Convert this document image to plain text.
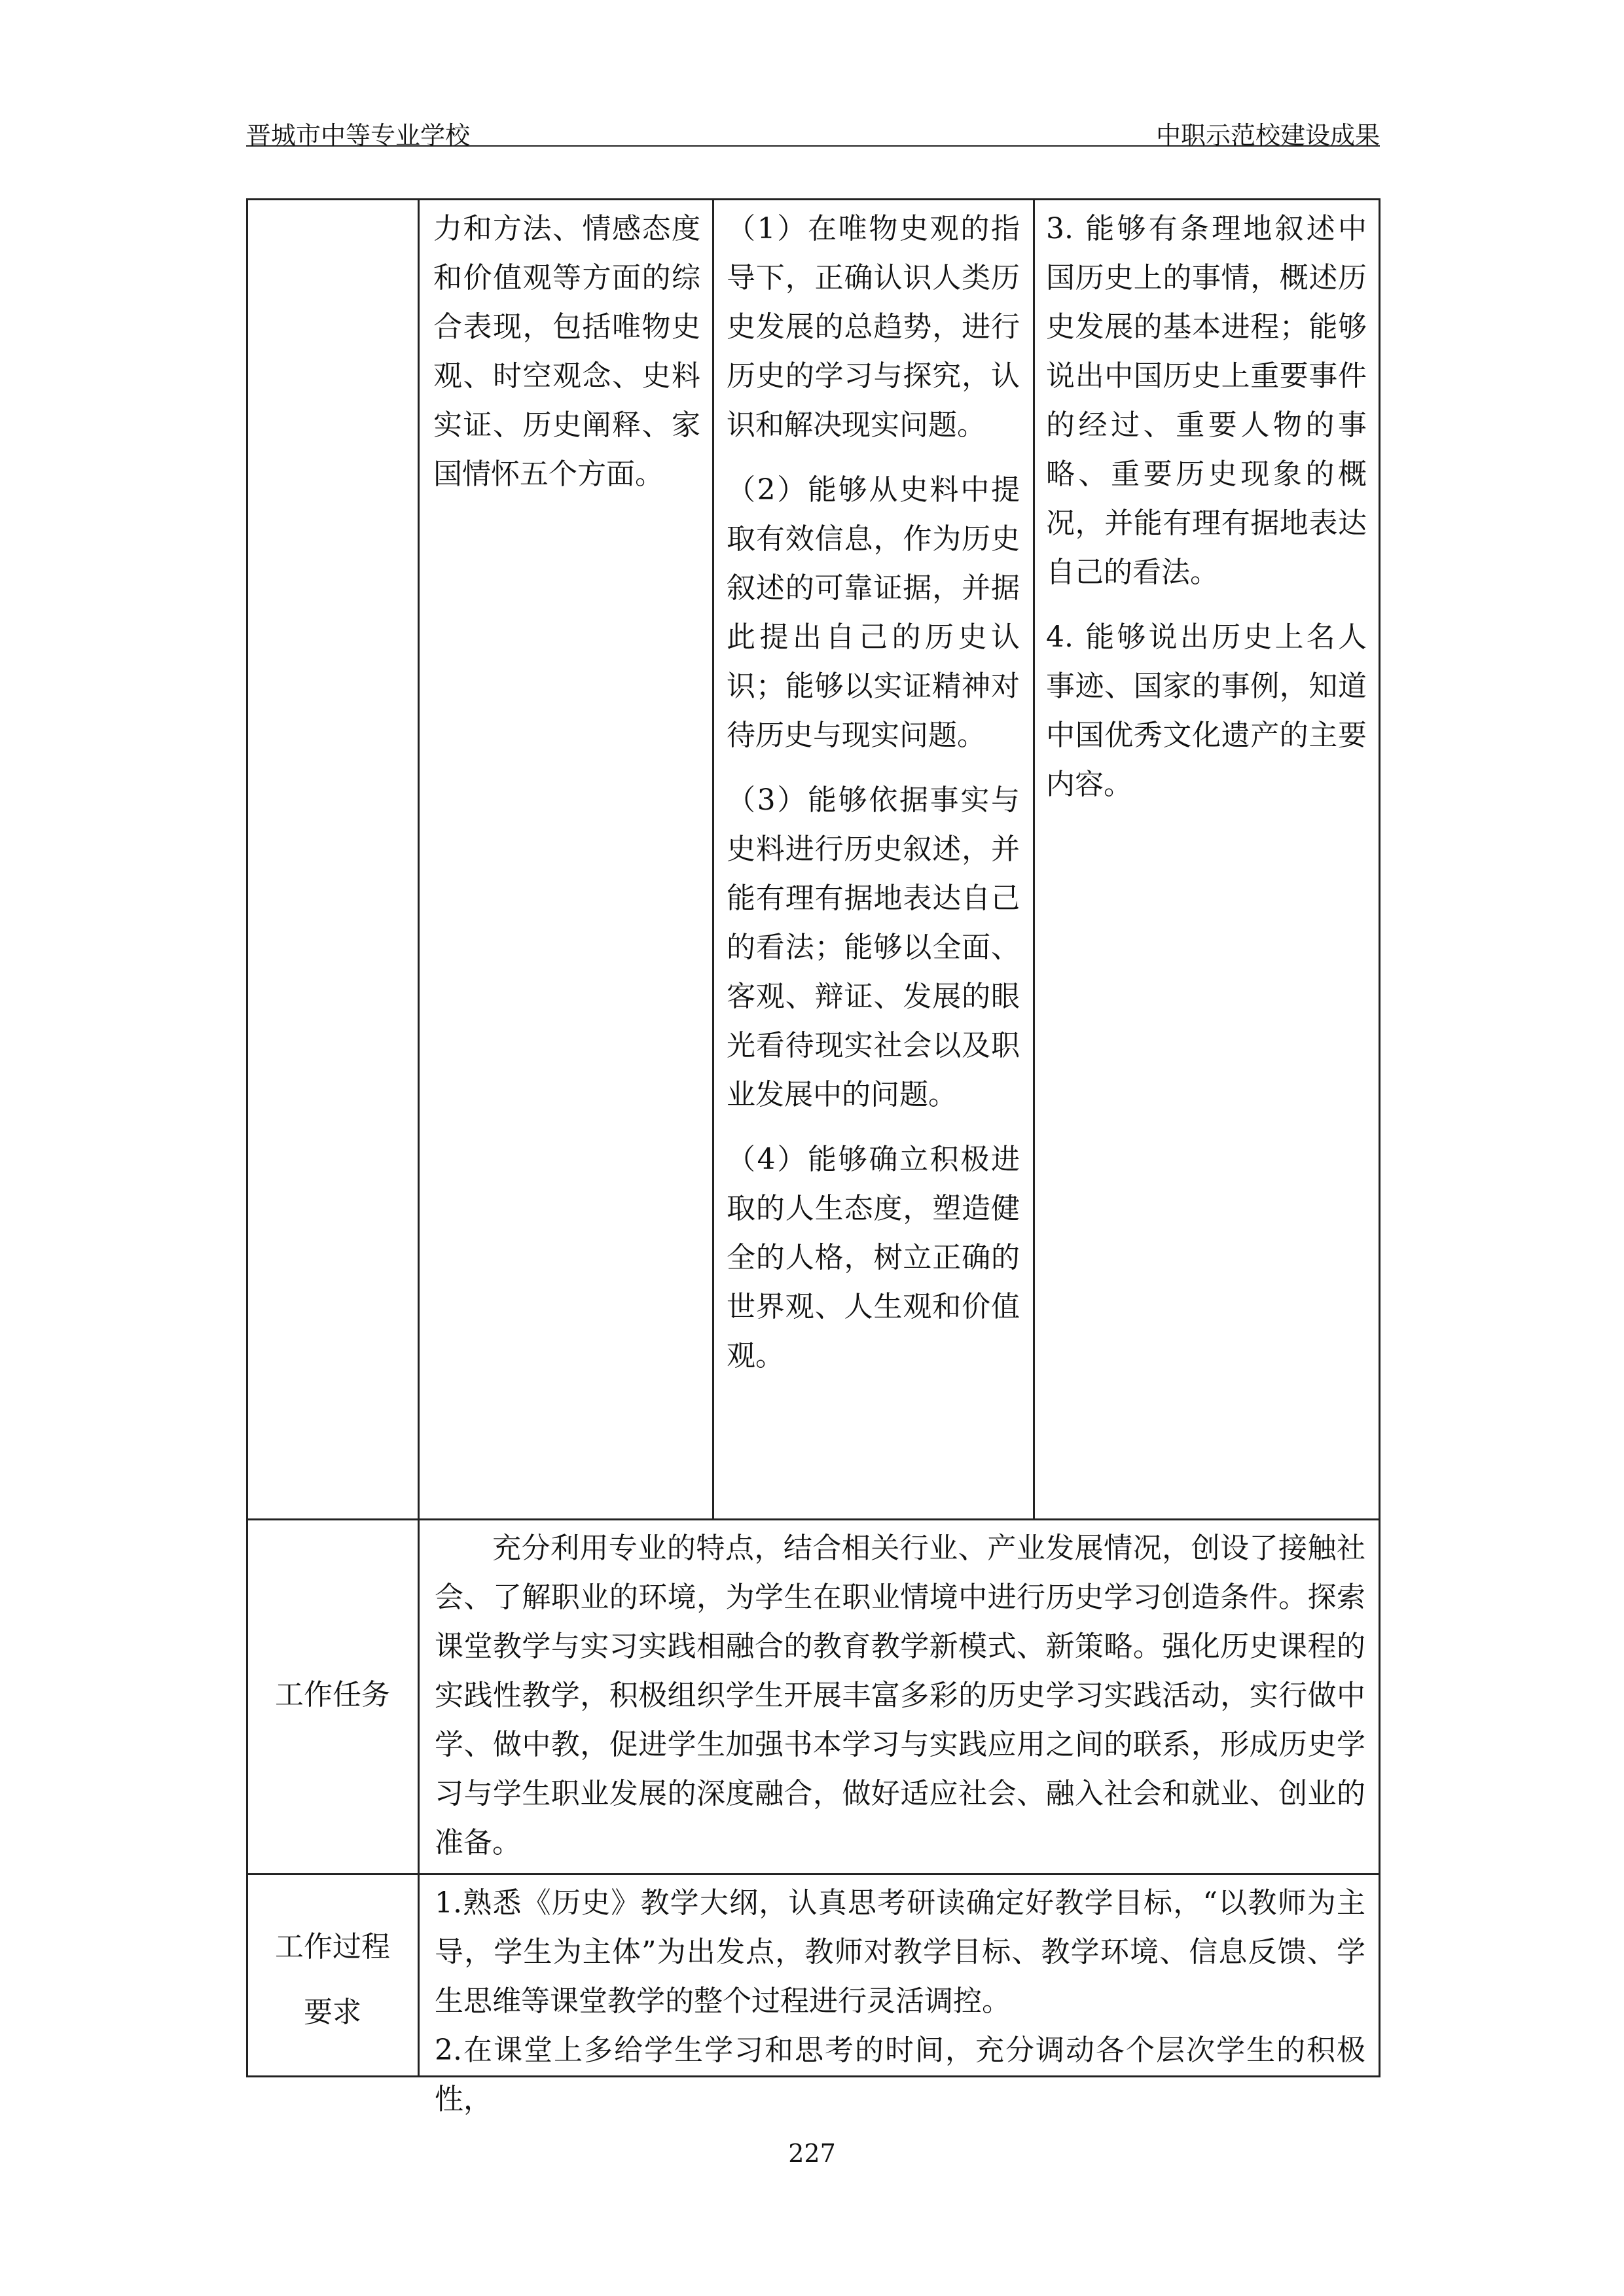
晋城市中等专业学校	中职示范校建设成果

力和方法、情感态度和价值观等方面的综合表现，包括唯物史观、时空观念、史料实证、历史阐释、家国情怀五个方面。

（1）在唯物史观的指导下，正确认识人类历史发展的总趋势，进行历史的学习与探究，认识和解决现实问题。

（2）能够从史料中提取有效信息，作为历史叙述的可靠证据，并据此提出自己的历史认识；能够以实证精神对待历史与现实问题。

（3）能够依据事实与史料进行历史叙述，并能有理有据地表达自己的看法；能够以全面、客观、辩证、发展的眼光看待现实社会以及职业发展中的问题。

（4）能够确立积极进取的人生态度，塑造健全的人格，树立正确的世界观、人生观和价值观。

3. 能够有条理地叙述中国历史上的事情，概述历史发展的基本进程；能够说出中国历史上重要事件的经过、重要人物的事略、重要历史现象的概况，并能有理有据地表达自己的看法。

4. 能够说出历史上名人事迹、国家的事例，知道中国优秀文化遗产的主要内容。

工作任务
充分利用专业的特点，结合相关行业、产业发展情况，创设了接触社会、了解职业的环境，为学生在职业情境中进行历史学习创造条件。探索课堂教学与实习实践相融合的教育教学新模式、新策略。强化历史课程的实践性教学，积极组织学生开展丰富多彩的历史学习实践活动，实行做中学、做中教，促进学生加强书本学习与实践应用之间的联系，形成历史学习与学生职业发展的深度融合，做好适应社会、融入社会和就业、创业的准备。
工作过程
要求
1.熟悉《历史》教学大纲，认真思考研读确定好教学目标，“以教师为主导，学生为主体”为出发点，教师对教学目标、教学环境、信息反馈、学生思维等课堂教学的整个过程进行灵活调控。
2.在课堂上多给学生学习和思考的时间，充分调动各个层次学生的积极性，
227
